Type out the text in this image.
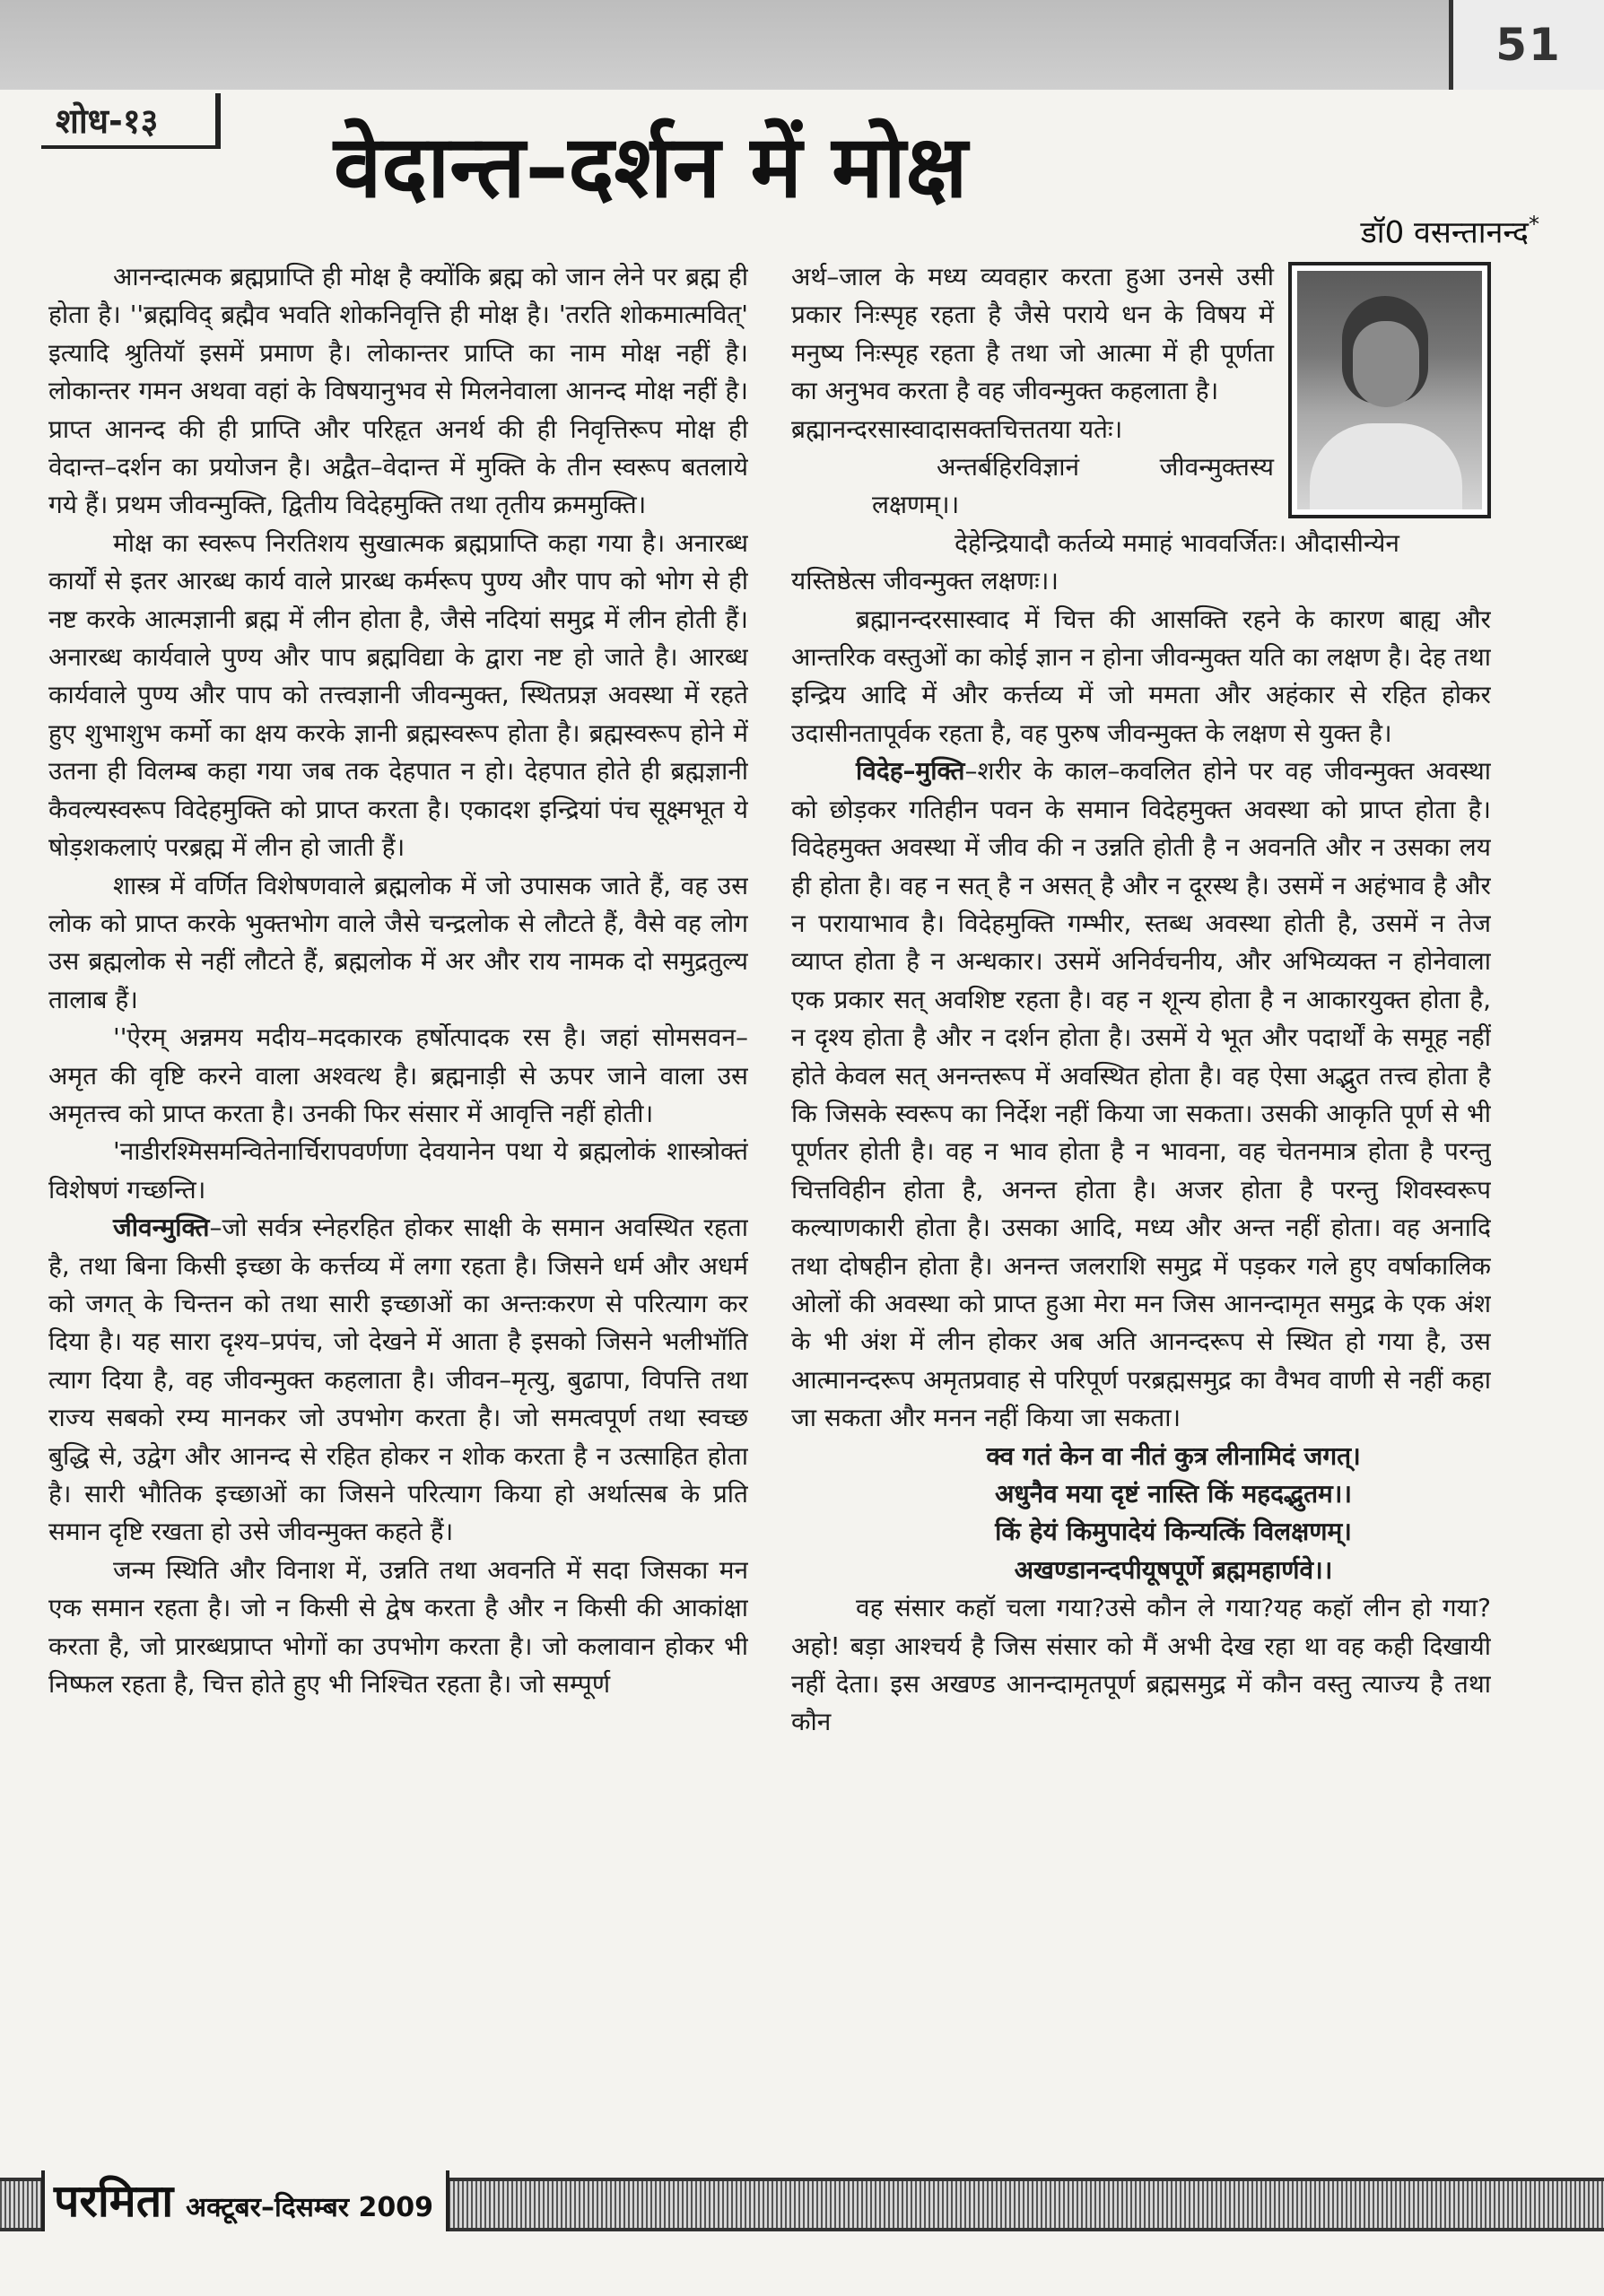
51
शोध-१३	वेदान्त–दर्शन में मोक्ष
डॉ0 वसन्तानन्द*

आनन्दात्मक ब्रह्मप्राप्ति ही मोक्ष है क्योंकि ब्रह्म को जान लेने पर ब्रह्म ही होता है। ''ब्रह्मविद् ब्रह्मैव भवति शोकनिवृत्ति ही मोक्ष है। 'तरति शोकमात्मवित्' इत्यादि श्रुतियॉ इसमें प्रमाण है। लोकान्तर प्राप्ति का नाम मोक्ष नहीं है। लोकान्तर गमन अथवा वहां के विषयानुभव से मिलनेवाला आनन्द मोक्ष नहीं है। प्राप्त आनन्द की ही प्राप्ति और परिहृत अनर्थ की ही निवृत्तिरूप मोक्ष ही वेदान्त–दर्शन का प्रयोजन है। अद्वैत–वेदान्त में मुक्ति के तीन स्वरूप बतलाये गये हैं। प्रथम जीवन्मुक्ति, द्वितीय विदेहमुक्ति तथा तृतीय क्रममुक्ति।

मोक्ष का स्वरूप निरतिशय सुखात्मक ब्रह्मप्राप्ति कहा गया है। अनारब्ध कार्यों से इतर आरब्ध कार्य वाले प्रारब्ध कर्मरूप पुण्य और पाप को भोग से ही नष्ट करके आत्मज्ञानी ब्रह्म में लीन होता है, जैसे नदियां समुद्र में लीन होती हैं। अनारब्ध कार्यवाले पुण्य और पाप ब्रह्मविद्या के द्वारा नष्ट हो जाते है। आरब्ध कार्यवाले पुण्य और पाप को तत्त्वज्ञानी जीवन्मुक्त, स्थितप्रज्ञ अवस्था में रहते हुए शुभाशुभ कर्मो का क्षय करके ज्ञानी ब्रह्मस्वरूप होता है। ब्रह्मस्वरूप होने में उतना ही विलम्ब कहा गया जब तक देहपात न हो। देहपात होते ही ब्रह्मज्ञानी कैवल्यस्वरूप विदेहमुक्ति को प्राप्त करता है। एकादश इन्द्रियां पंच सूक्ष्मभूत ये षोड़शकलाएं परब्रह्म में लीन हो जाती हैं।

शास्त्र में वर्णित विशेषणवाले ब्रह्मलोक में जो उपासक जाते हैं, वह उस लोक को प्राप्त करके भुक्तभोग वाले जैसे चन्द्रलोक से लौटते हैं, वैसे वह लोग उस ब्रह्मलोक से नहीं लौटते हैं, ब्रह्मलोक में अर और राय नामक दो समुद्रतुल्य तालाब हैं।

''ऐरम् अन्नमय मदीय–मदकारक हर्षोत्पादक रस है। जहां सोमसवन–अमृत की वृष्टि करने वाला अश्वत्थ है। ब्रह्मनाड़ी से ऊपर जाने वाला उस अमृतत्त्व को प्राप्त करता है। उनकी फिर संसार में आवृत्ति नहीं होती।

'नाडीरश्मिसमन्वितेनार्चिरापवर्णणा देवयानेन पथा ये ब्रह्मलोकं शास्त्रोक्तं विशेषणं गच्छन्ति।

जीवन्मुक्ति–जो सर्वत्र स्नेहरहित होकर साक्षी के समान अवस्थित रहता है, तथा बिना किसी इच्छा के कर्त्तव्य में लगा रहता है। जिसने धर्म और अधर्म को जगत् के चिन्तन को तथा सारी इच्छाओं का अन्तःकरण से परित्याग कर दिया है। यह सारा दृश्य–प्रपंच, जो देखने में आता है इसको जिसने भलीभॉति त्याग दिया है, वह जीवन्मुक्त कहलाता है। जीवन–मृत्यु, बुढापा, विपत्ति तथा राज्य सबको रम्य मानकर जो उपभोग करता है। जो समत्वपूर्ण तथा स्वच्छ बुद्धि से, उद्वेग और आनन्द से रहित होकर न शोक करता है न उत्साहित होता है। सारी भौतिक इच्छाओं का जिसने परित्याग किया हो अर्थात्सब के प्रति समान दृष्टि रखता हो उसे जीवन्मुक्त कहते हैं।

जन्म स्थिति और विनाश में, उन्नति तथा अवनति में सदा जिसका मन एक समान रहता है। जो न किसी से द्वेष करता है और न किसी की आकांक्षा करता है, जो प्रारब्धप्राप्त भोगों का उपभोग करता है। जो कलावान होकर भी निष्फल रहता है, चित्त होते हुए भी निश्चित रहता है। जो सम्पूर्ण

अर्थ–जाल के मध्य व्यवहार करता हुआ उनसे उसी प्रकार निःस्पृह रहता है जैसे पराये धन के विषय में मनुष्य निःस्पृह रहता है तथा जो आत्मा में ही पूर्णता का अनुभव करता है वह जीवन्मुक्त कहलाता है।

ब्रह्मानन्दरसास्वादासक्तचित्ततया यतेः।

अन्तर्बहिरविज्ञानं जीवन्मुक्तस्य लक्षणम्।।

देहेन्द्रियादौ कर्तव्ये ममाहं भाववर्जितः। औदासीन्येन

यस्तिष्ठेत्स जीवन्मुक्त लक्षणः।।

ब्रह्मानन्दरसास्वाद में चित्त की आसक्ति रहने के कारण बाह्य और आन्तरिक वस्तुओं का कोई ज्ञान न होना जीवन्मुक्त यति का लक्षण है। देह तथा इन्द्रिय आदि में और कर्त्तव्य में जो ममता और अहंकार से रहित होकर उदासीनतापूर्वक रहता है, वह पुरुष जीवन्मुक्त के लक्षण से युक्त है।

विदेह–मुक्ति–शरीर के काल–कवलित होने पर वह जीवन्मुक्त अवस्था को छोड़कर गतिहीन पवन के समान विदेहमुक्त अवस्था को प्राप्त होता है। विदेहमुक्त अवस्था में जीव की न उन्नति होती है न अवनति और न उसका लय ही होता है। वह न सत् है न असत् है और न दूरस्थ है। उसमें न अहंभाव है और न परायाभाव है। विदेहमुक्ति गम्भीर, स्तब्ध अवस्था होती है, उसमें न तेज व्याप्त होता है न अन्धकार। उसमें अनिर्वचनीय, और अभिव्यक्त न होनेवाला एक प्रकार सत् अवशिष्ट रहता है। वह न शून्य होता है न आकारयुक्त होता है, न दृश्य होता है और न दर्शन होता है। उसमें ये भूत और पदार्थों के समूह नहीं होते केवल सत् अनन्तरूप में अवस्थित होता है। वह ऐसा अद्भुत तत्त्व होता है कि जिसके स्वरूप का निर्देश नहीं किया जा सकता। उसकी आकृति पूर्ण से भी पूर्णतर होती है। वह न भाव होता है न भावना, वह चेतनमात्र होता है परन्तु चित्तविहीन होता है, अनन्त होता है। अजर होता है परन्तु शिवस्वरूप कल्याणकारी होता है। उसका आदि, मध्य और अन्त नहीं होता। वह अनादि तथा दोषहीन होता है। अनन्त जलराशि समुद्र में पड़कर गले हुए वर्षाकालिक ओलों की अवस्था को प्राप्त हुआ मेरा मन जिस आनन्दामृत समुद्र के एक अंश के भी अंश में लीन होकर अब अति आनन्दरूप से स्थित हो गया है, उस आत्मानन्दरूप अमृतप्रवाह से परिपूर्ण परब्रह्मसमुद्र का वैभव वाणी से नहीं कहा जा सकता और मनन नहीं किया जा सकता।

क्व गतं केन वा नीतं कुत्र लीनामिदं जगत्।

अधुनैव मया दृष्टं नास्ति किं महदद्भुतम।।

किं हेयं किमुपादेयं किन्यत्किं विलक्षणम्।

अखण्डानन्दपीयूषपूर्णे ब्रह्ममहार्णवे।।

वह संसार कहॉ चला गया?उसे कौन ले गया?यह कहॉ लीन हो गया?अहो! बड़ा आश्चर्य है जिस संसार को मैं अभी देख रहा था वह कही दिखायी नहीं देता। इस अखण्ड आनन्दामृतपूर्ण ब्रह्मसमुद्र में कौन वस्तु त्याज्य है तथा कौन

परमिता अक्टूबर–दिसम्बर 2009
